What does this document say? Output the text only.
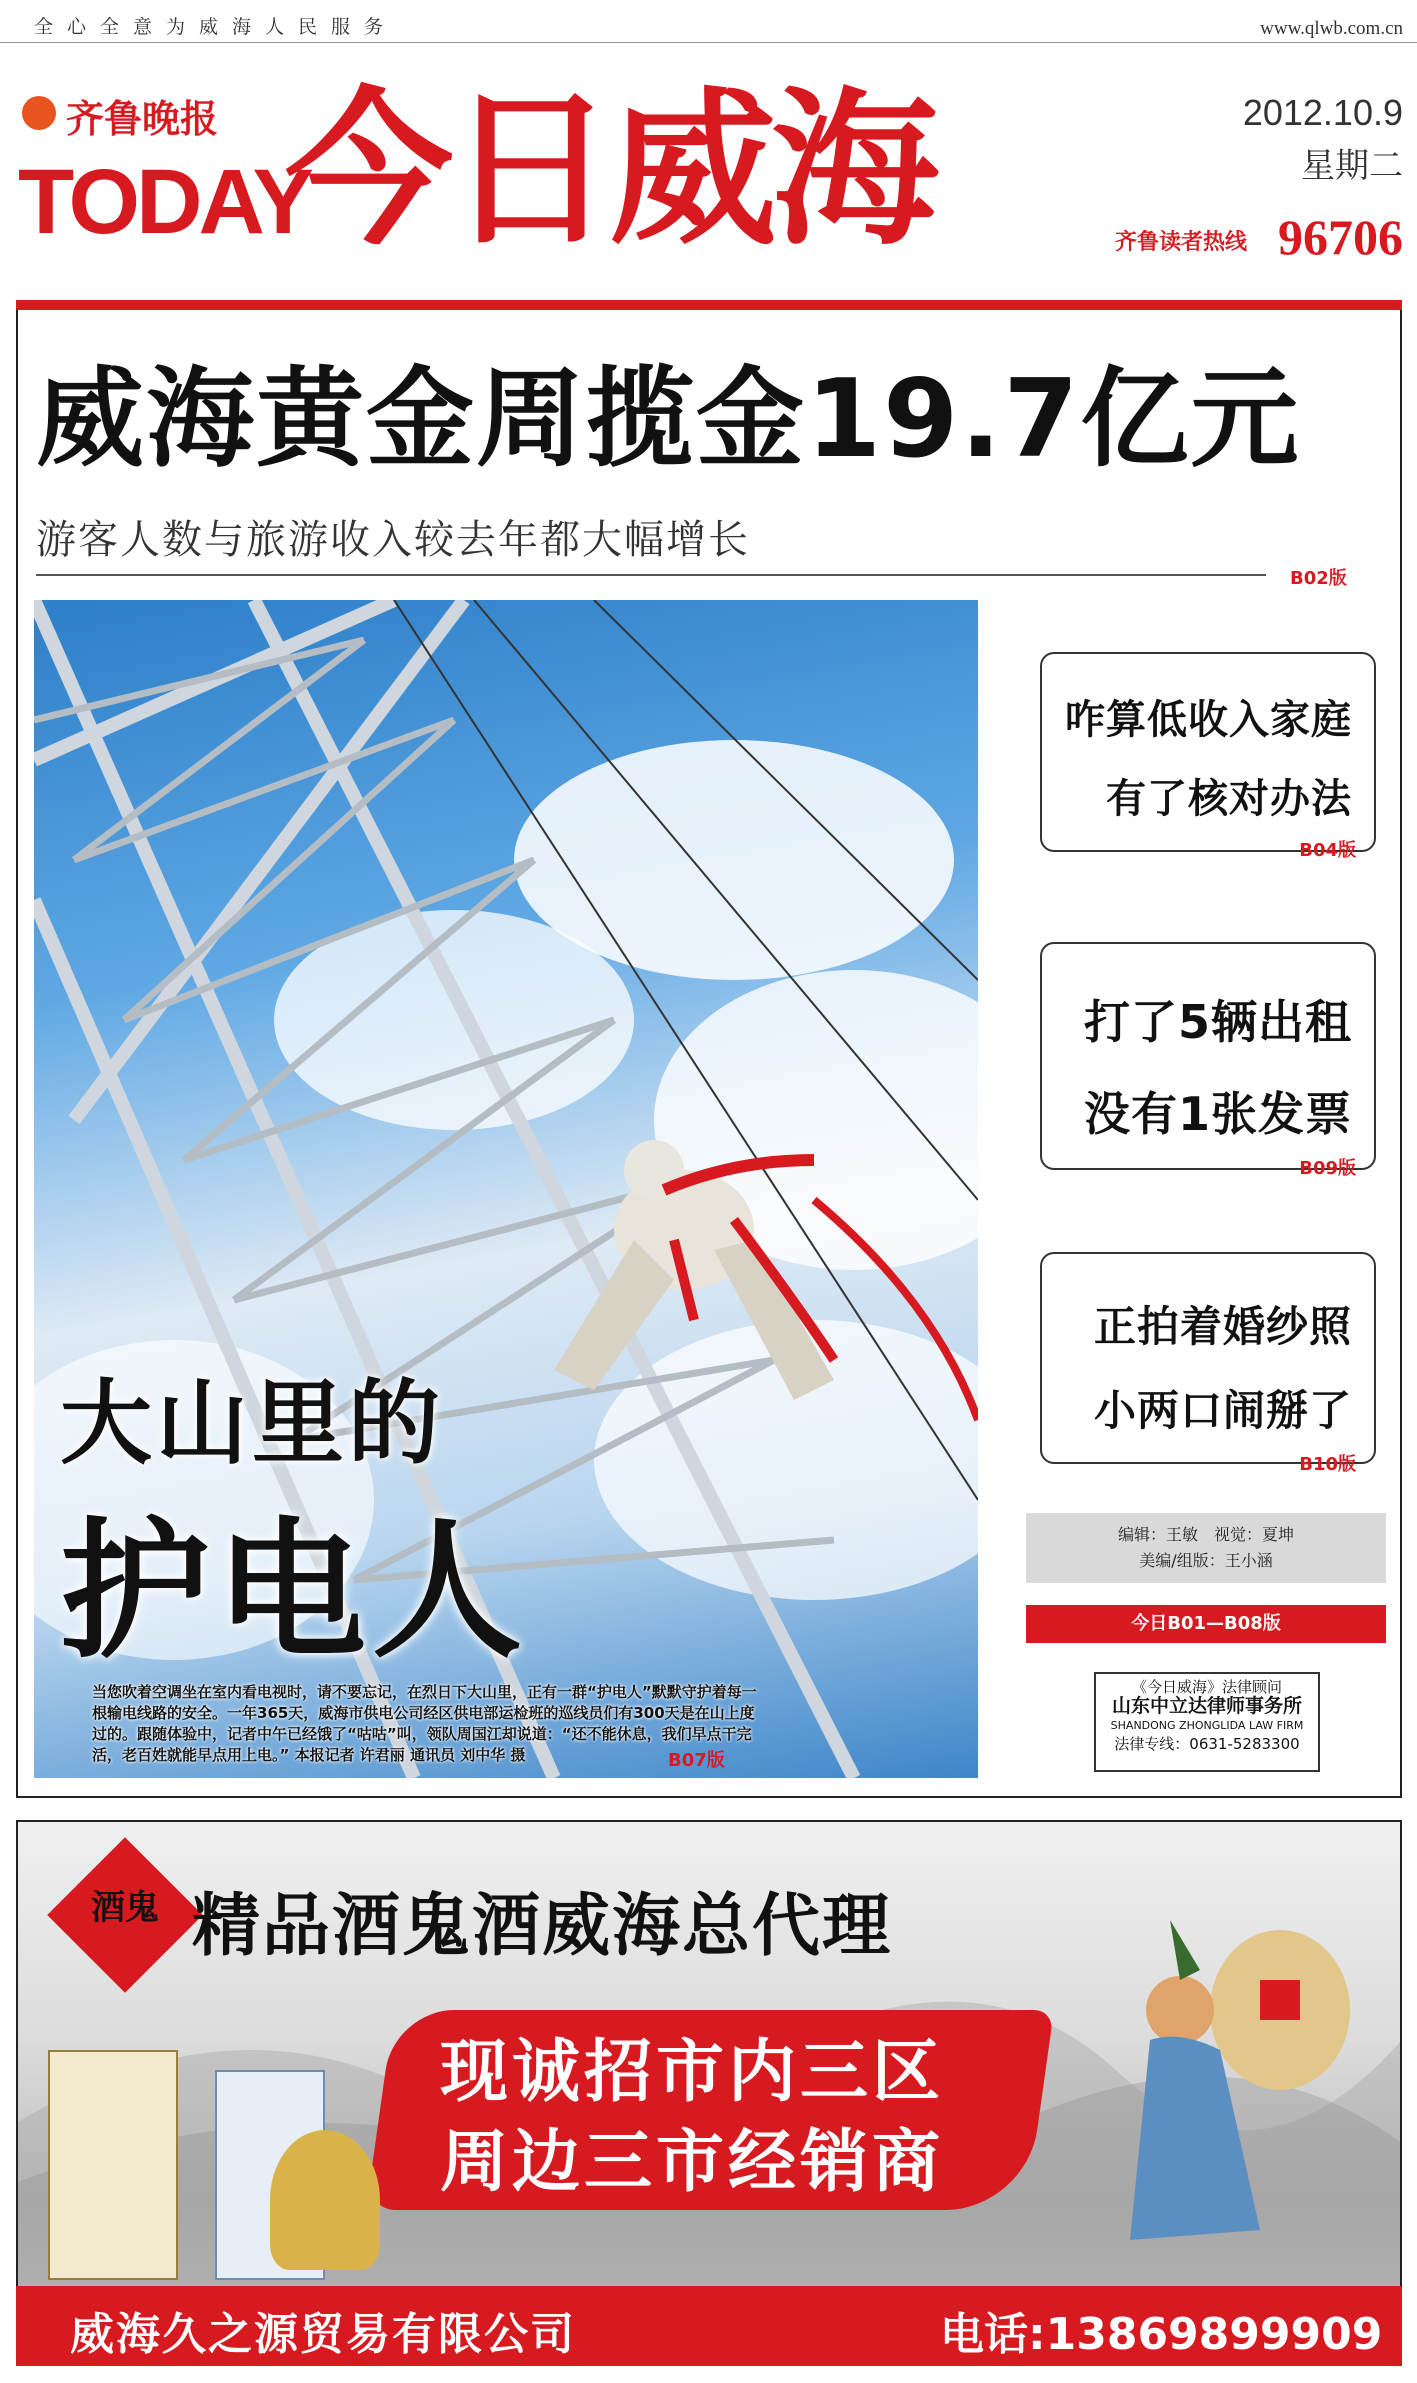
全心全意为威海人民服务	www.qlwb.com.cn
齐鲁晚报
TODAY
今日威海	2012.10.9
星期二
齐鲁读者热线 96706
威海黄金周揽金19.7亿元
游客人数与旅游收入较去年都大幅增长
B02版
大山里的
护电人
当您吹着空调坐在室内看电视时，请不要忘记，在烈日下大山里，正有一群“护电人”默默守护着每一根输电线路的安全。一年365天，威海市供电公司经区供电部运检班的巡线员们有300天是在山上度过的。跟随体验中，记者中午已经饿了“咕咕”叫，领队周国江却说道：“还不能休息，我们早点干完活，老百姓就能早点用上电。” 本报记者 许君丽 通讯员 刘中华 摄	B07版
咋算低收入家庭
有了核对办法
B04版
打了5辆出租
没有1张发票
B09版
正拍着婚纱照
小两口闹掰了
B10版
编辑：王敏　视觉：夏坤
美编/组版：王小涵
今日B01—B08版
《今日威海》法律顾问
山东中立达律师事务所
SHANDONG ZHONGLIDA LAW FIRM
法律专线：0631-5283300
酒鬼 精品酒鬼酒威海总代理
现诚招市内三区
周边三市经销商
威海久之源贸易有限公司	电话:13869899909
